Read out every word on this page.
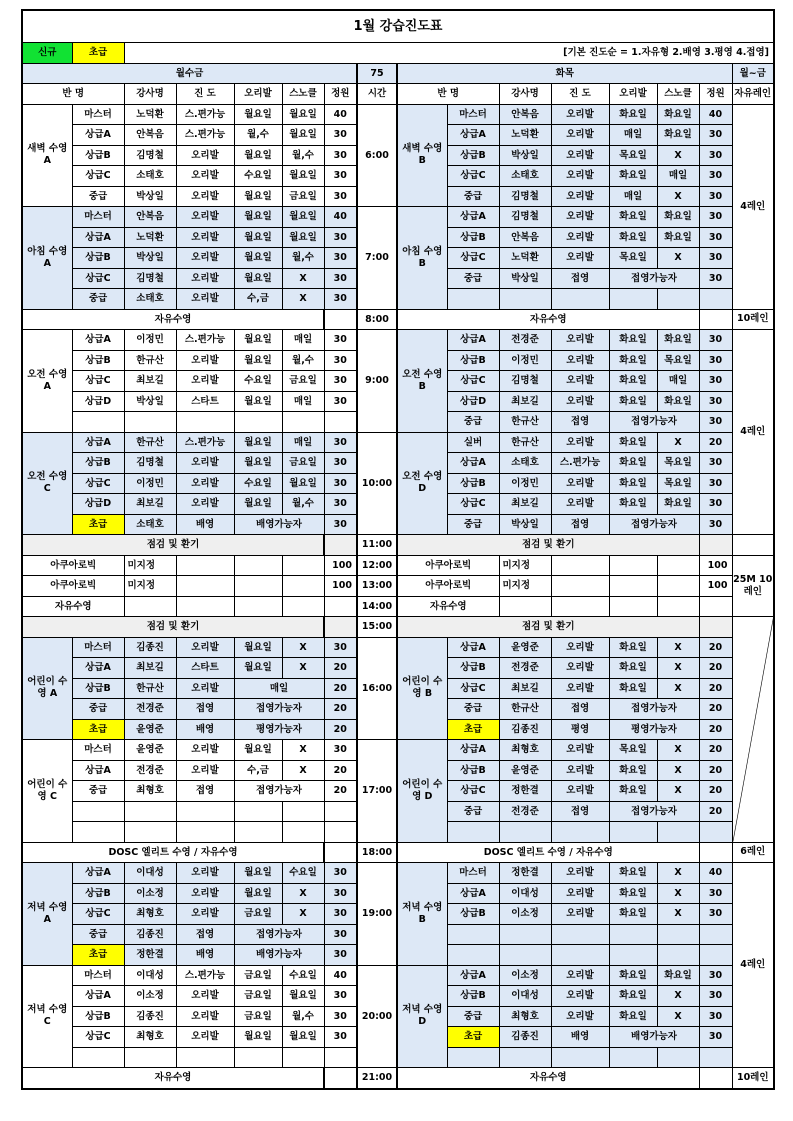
1월 강습진도표															
신규	초급	[기본 진도순 = 1.자유형 2.배영 3.평영 4.접영]													
월수금							75	화목							월~금
반 명		강사명	진 도	오리발	스노클	정원	시간	반 명		강사명	진 도	오리발	스노클	정원	자유레인
새벽 수영 A	마스터	노덕환	스.편가능	월요일	월요일	40	6:00	새벽 수영 B	마스터	안복음	오리발	화요일	화요일	40	4레인
	상급A	안복음	스.편가능	월,수	월요일	30			상급A	노덕환	오리발	매일	화요일	30	
	상급B	김명철	오리발	월요일	월,수	30			상급B	박상일	오리발	목요일	X	30	
	상급C	소태호	오리발	수요일	월요일	30			상급C	소태호	오리발	화요일	매일	30	
	중급	박상일	오리발	월요일	금요일	30			중급	김명철	오리발	매일	X	30	
아침 수영 A	마스터	안복음	오리발	월요일	월요일	40	7:00	아침 수영 B	상급A	김명철	오리발	화요일	화요일	30	
	상급A	노덕환	오리발	월요일	월요일	30			상급B	안복음	오리발	화요일	화요일	30	
	상급B	박상일	오리발	월요일	월,수	30			상급C	노덕환	오리발	목요일	X	30	
	상급C	김명철	오리발	월요일	X	30			중급	박상일	접영	접영가능자		30	
	중급	소태호	오리발	수,금	X	30									
자유수영							8:00	자유수영							10레인
오전 수영 A	상급A	이정민	스.편가능	월요일	매일	30	9:00	오전 수영 B	상급A	전경준	오리발	화요일	화요일	30	4레인
	상급B	한규산	오리발	월요일	월,수	30			상급B	이정민	오리발	화요일	목요일	30	
	상급C	최보길	오리발	수요일	금요일	30			상급C	김명철	오리발	화요일	매일	30	
	상급D	박상일	스타트	월요일	매일	30			상급D	최보길	오리발	화요일	화요일	30	
									중급	한규산	접영	접영가능자		30	
오전 수영 C	상급A	한규산	스.편가능	월요일	매일	30	10:00	오전 수영 D	실버	한규산	오리발	화요일	X	20	
	상급B	김명철	오리발	월요일	금요일	30			상급A	소태호	스.편가능	화요일	목요일	30	
	상급C	이정민	오리발	수요일	월요일	30			상급B	이정민	오리발	화요일	목요일	30	
	상급D	최보길	오리발	월요일	월,수	30			상급C	최보길	오리발	화요일	화요일	30	
	초급	소태호	배영	배영가능자		30			중급	박상일	접영	접영가능자		30	
점검 및 환기							11:00	점검 및 환기							
아쿠아로빅		미지정				100	12:00	아쿠아로빅		미지정				100	25M 10레인
아쿠아로빅		미지정				100	13:00	아쿠아로빅		미지정				100	
자유수영							14:00	자유수영							
점검 및 환기							15:00	점검 및 환기		

어린이 수영 A	마스터	김종진	오리발	월요일	X	30	16:00	어린이 수영 B	상급A	윤영준	오리발	화요일	X	20	
	상급A	최보길	스타트	월요일	X	20			상급B	전경준	오리발	화요일	X	20	
	상급B	한규산	오리발	매일		20			상급C	최보길	오리발	화요일	X	20	
	중급	전경준	접영	접영가능자		20			중급	한규산	접영	접영가능자		20	
	초급	윤영준	배영	평영가능자		20			초급	김종진	평영	평영가능자		20	
어린이 수영 C	마스터	윤영준	오리발	월요일	X	30	17:00	어린이 수영 D	상급A	최형호	오리발	목요일	X	20	
	상급A	전경준	오리발	수,금	X	20			상급B	윤영준	오리발	화요일	X	20	
	중급	최형호	접영	접영가능자		20			상급C	정한결	오리발	화요일	X	20	
									중급	전경준	접영	접영가능자		20	

DOSC 엘리트 수영 / 자유수영							18:00	DOSC 엘리트 수영 / 자유수영							6레인
저녁 수영 A	상급A	이대성	오리발	월요일	수요일	30	19:00	저녁 수영 B	마스터	정한결	오리발	화요일	X	40	4레인
	상급B	이소정	오리발	월요일	X	30			상급A	이대성	오리발	화요일	X	30	
	상급C	최형호	오리발	금요일	X	30			상급B	이소정	오리발	화요일	X	30	
	중급	김종진	접영	접영가능자		30									
	초급	정한결	배영	배영가능자		30									
저녁 수영 C	마스터	이대성	스.편가능	금요일	수요일	40	20:00	저녁 수영 D	상급A	이소정	오리발	화요일	화요일	30	
	상급A	이소정	오리발	금요일	월요일	30			상급B	이대성	오리발	화요일	X	30	
	상급B	김종진	오리발	금요일	월,수	30			중급	최형호	오리발	화요일	X	30	
	상급C	최형호	오리발	월요일	월요일	30			초급	김종진	배영	배영가능자		30	

자유수영							21:00	자유수영							10레인
